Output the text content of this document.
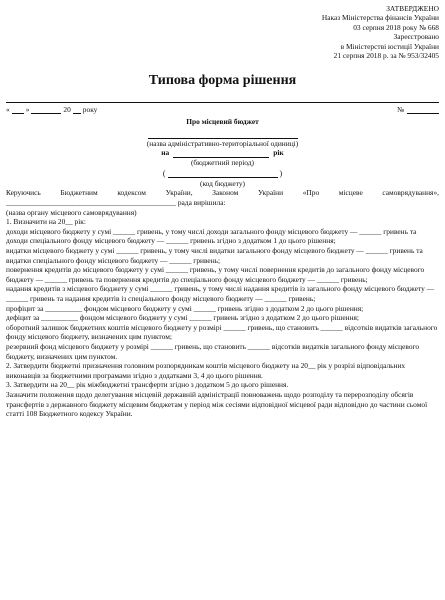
ЗАТВЕРДЖЕНО
Наказ Міністерства фінансів України
03 серпня 2018 року № 668
Зареєстровано
в Міністерстві юстиції України
21 серпня 2018 р. за № 953/32405
Типова форма рішення
« »	20 року	№
Про місцевий бюджет
(назва адміністративно-територіальної одиниці)
на	рік
(бюджетний період)
(	)
(код бюджету)

Керуючись Бюджетним кодексом України, Законом України «Про місцеве самоврядування», ______________________________________________ рада вирішила:

(назва органу місцевого самоврядування)

1. Визначити на 20__ рік:

доходи місцевого бюджету у сумі ______ гривень, у тому числі доходи загального фонду місцевого бюджету — ______ гривень та доходи спеціального фонду місцевого бюджету — ______ гривень згідно з додатком 1 до цього рішення;

видатки місцевого бюджету у сумі ______ гривень, у тому числі видатки загального фонду місцевого бюджету — ______ гривень та видатки спеціального фонду місцевого бюджету — ______ гривень;

повернення кредитів до місцевого бюджету у сумі ______ гривень, у тому числі повернення кредитів до загального фонду місцевого бюджету — ______ гривень та повернення кредитів до спеціального фонду місцевого бюджету — ______ гривень;

надання кредитів з місцевого бюджету у сумі ______ гривень, у тому числі надання кредитів із загального фонду місцевого бюджету — ______ гривень та надання кредитів із спеціального фонду місцевого бюджету — ______ гривень;

профіцит за __________ фондом місцевого бюджету у сумі ______ гривень згідно з додатком 2 до цього рішення;

дефіцит за __________ фондом місцевого бюджету у сумі ______ гривень згідно з додатком 2 до цього рішення;

оборотний залишок бюджетних коштів місцевого бюджету у розмірі ______ гривень, що становить ______ відсотків видатків загального фонду місцевого бюджету, визначених цим пунктом;

резервний фонд місцевого бюджету у розмірі ______ гривень, що становить ______ відсотків видатків загального фонду місцевого бюджету, визначених цим пунктом.

2. Затвердити бюджетні призначення головним розпорядникам коштів місцевого бюджету на 20__ рік у розрізі відповідальних виконавців за бюджетними програмами згідно з додатками 3, 4 до цього рішення.

3. Затвердити на 20__ рік міжбюджетні трансферти згідно з додатком 5 до цього рішення.

Зазначити положення щодо делегування місцевій державній адміністрації повноважень щодо розподілу та перерозподілу обсягів трансфертів з державного бюджету місцевим бюджетам у період між сесіями відповідної місцевої ради відповідно до частини сьомої статті 108 Бюджетного кодексу України.
